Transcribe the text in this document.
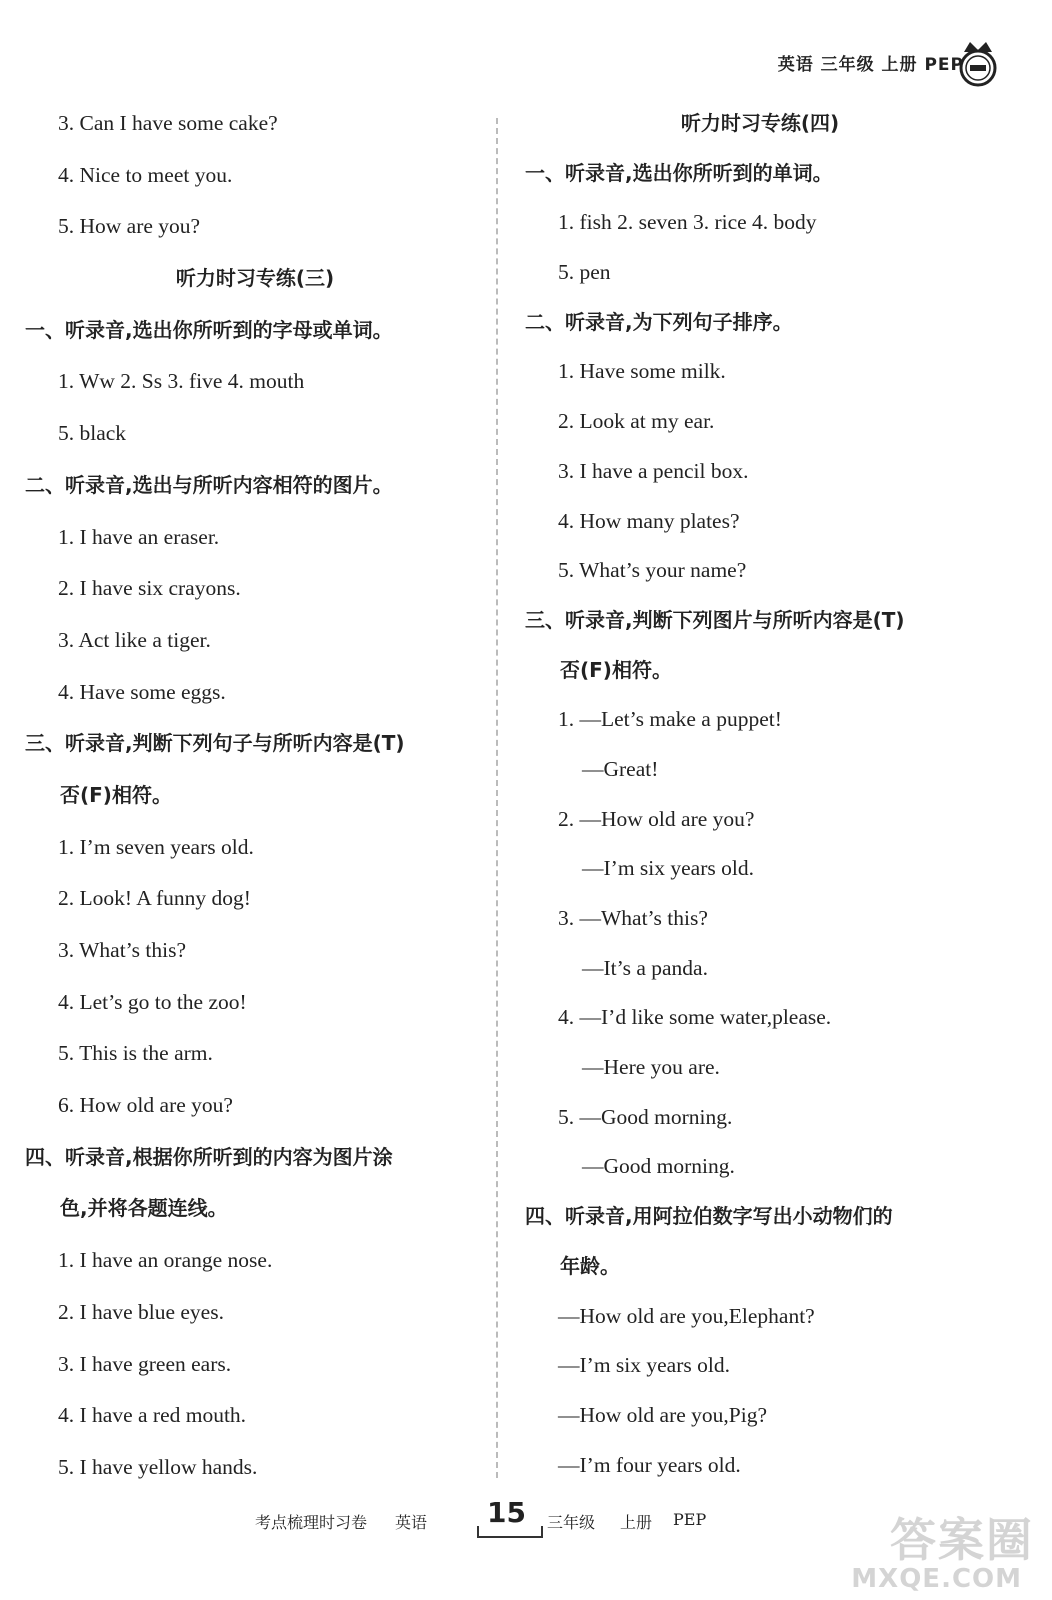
英语 三年级 上册 PEP
3. Can I have some cake?
4. Nice to meet you.
5. How are you?
听力时习专练(三)
一、听录音,选出你所听到的字母或单词。
1. Ww 2. Ss 3. five 4. mouth
5. black
二、听录音,选出与所听内容相符的图片。
1. I have an eraser.
2. I have six crayons.
3. Act like a tiger.
4. Have some eggs.
三、听录音,判断下列句子与所听内容是(T)
否(F)相符。
1. I’m seven years old.
2. Look! A funny dog!
3. What’s this?
4. Let’s go to the zoo!
5. This is the arm.
6. How old are you?
四、听录音,根据你所听到的内容为图片涂
色,并将各题连线。
1. I have an orange nose.
2. I have blue eyes.
3. I have green ears.
4. I have a red mouth.
5. I have yellow hands.
听力时习专练(四)
一、听录音,选出你所听到的单词。
1. fish 2. seven 3. rice 4. body
5. pen
二、听录音,为下列句子排序。
1. Have some milk.
2. Look at my ear.
3. I have a pencil box.
4. How many plates?
5. What’s your name?
三、听录音,判断下列图片与所听内容是(T)
否(F)相符。
1. —Let’s make a puppet!
—Great!
2. —How old are you?
—I’m six years old.
3. —What’s this?
—It’s a panda.
4. —I’d like some water,please.
—Here you are.
5. —Good morning.
—Good morning.
四、听录音,用阿拉伯数字写出小动物们的
年龄。
—How old are you,Elephant?
—I’m six years old.
—How old are you,Pig?
—I’m four years old.
考点梳理时习卷 英语 15 三年级 上册 PEP	答案圈
MXQE.COM
